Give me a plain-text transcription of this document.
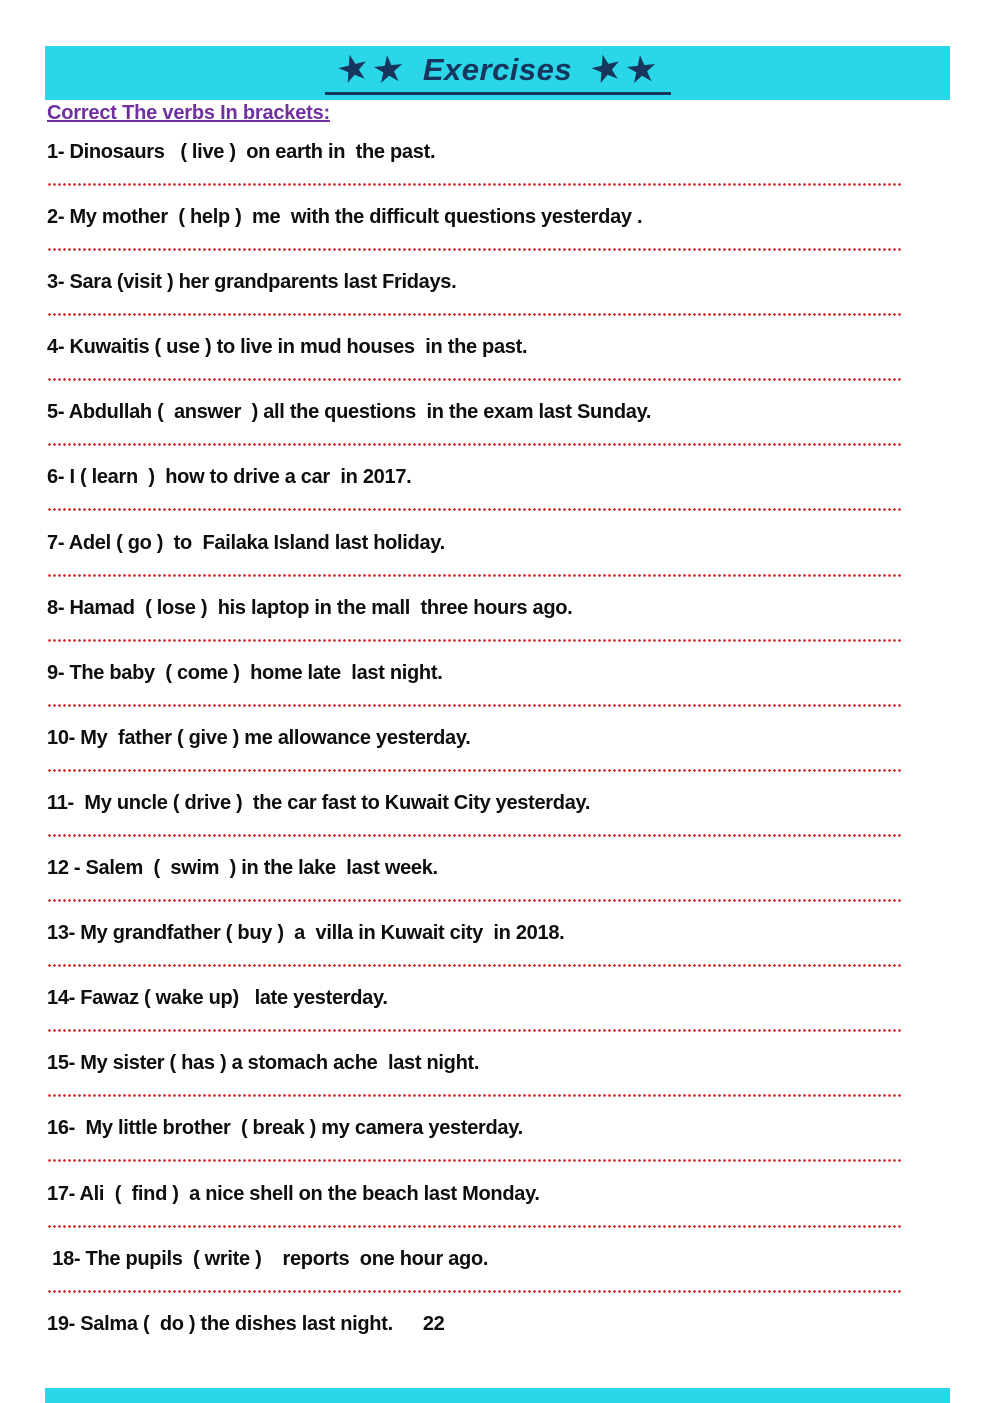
★
★ Exercises ★
★
Correct The verbs In brackets:
1- Dinosaurs   ( live )  on earth in  the past.
2- My mother  ( help )  me  with the difficult questions yesterday .
3- Sara (visit ) her grandparents last Fridays.
4- Kuwaitis ( use ) to live in mud houses  in the past.
5- Abdullah (  answer  ) all the questions  in the exam last Sunday.
6- I ( learn  )  how to drive a car  in 2017.
7- Adel ( go )  to  Failaka Island last holiday.
8- Hamad  ( lose )  his laptop in the mall  three hours ago.
9- The baby  ( come )  home late  last night.
10- My  father ( give ) me allowance yesterday.
11-  My uncle ( drive )  the car fast to Kuwait City yesterday.
12 - Salem  (  swim  ) in the lake  last week.
13- My grandfather ( buy )  a  villa in Kuwait city  in 2018.
14- Fawaz ( wake up)   late yesterday.
15- My sister ( has ) a stomach ache  last night.
16-  My little brother  ( break ) my camera yesterday.
17- Ali  (  find )  a nice shell on the beach last Monday.
18- The pupils  ( write )    reports  one hour ago.
19- Salma (  do ) the dishes last night. 22
